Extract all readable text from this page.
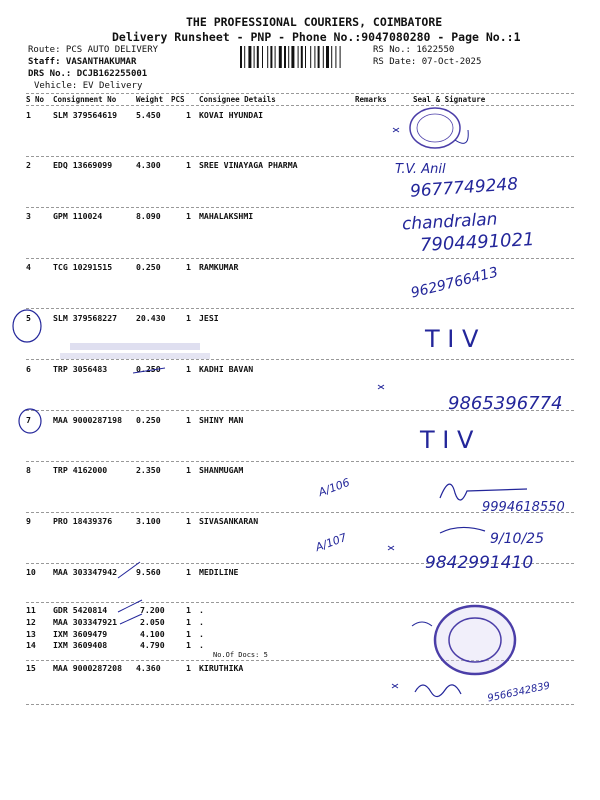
THE PROFESSIONAL COURIERS, COIMBATORE
Delivery Runsheet - PNP - Phone No.:9047080280 - Page No.:1
Route: PCS AUTO DELIVERY
Staff: VASANTHAKUMAR
DRS No.: DCJB162255001
Vehicle: EV Delivery
RS No.: 1622550
RS Date: 07-Oct-2025
S No Consignment No	Weight PCS Consignee Details	Remarks	Seal & Signature
1	SLM 379564619 5.450	1 KOVAI HYUNDAI
2	EDQ 13669099	4.300	1 SREE VINAYAGA PHARMA
3	GPM 110024	8.090	1 MAHALAKSHMI
4	TCG 10291515	0.250	1 RAMKUMAR
5	SLM 379568227 20.430 1 JESI
6	TRP 3056483	0.250	1 KADHI BAVAN
7	MAA 9000287198 0.250	1 SHINY MAN
8	TRP 4162000	2.350	1 SHANMUGAM
9	PRO 18439376	3.100	1 SIVASANKARAN
10 MAA 303347942 9.560	1 MEDILINE
11 GDR 5420814	7.200	1 .
12 MAA 303347921	2.050	1 .
13 IXM 3609479	4.100	1 .
14 IXM 3609408	4.790	1 .
No.Of Docs: 5
15 MAA 9000287208 4.360	1 KIRUTHIKA
T.V. Anil
9677749248
chandralan
7904491021
9629766413
T I V
9865396774
T I V
A/106
9994618550
A/107	9/10/25
9842991410
9566342839
